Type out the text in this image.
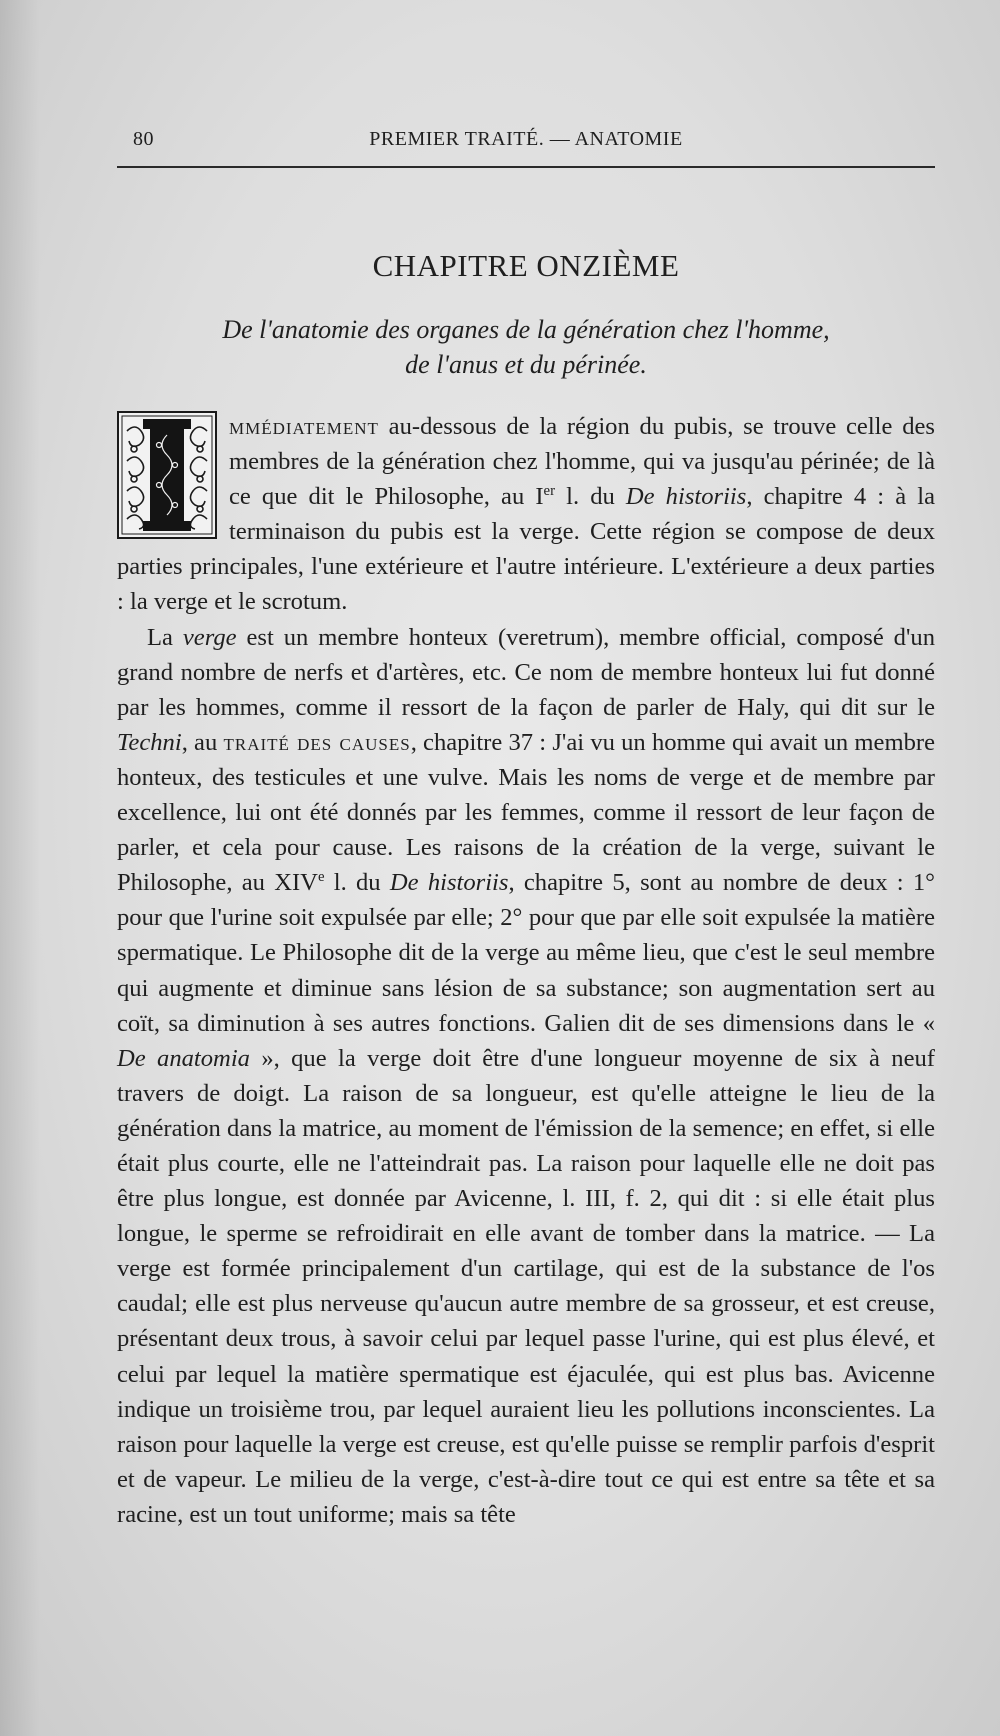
80	PREMIER TRAITÉ. — ANATOMIE
CHAPITRE ONZIÈME
De l'anatomie des organes de la génération chez l'homme,
de l'anus et du périnée.

mmédiatement au-dessous de la région du pubis, se trouve celle des membres de la génération chez l'homme, qui va jusqu'au périnée; de là ce que dit le Philosophe, au Ier l. du De historiis, chapitre 4 : à la terminaison du pubis est la verge. Cette région se compose de deux parties principales, l'une extérieure et l'autre intérieure. L'extérieure a deux parties : la verge et le scrotum.

La verge est un membre honteux (veretrum), membre official, composé d'un grand nombre de nerfs et d'artères, etc. Ce nom de membre honteux lui fut donné par les hommes, comme il ressort de la façon de parler de Haly, qui dit sur le Techni, au traité des causes, chapitre 37 : J'ai vu un homme qui avait un membre honteux, des testicules et une vulve. Mais les noms de verge et de membre par excellence, lui ont été donnés par les femmes, comme il ressort de leur façon de parler, et cela pour cause. Les raisons de la création de la verge, suivant le Philosophe, au XIVe l. du De historiis, chapitre 5, sont au nombre de deux : 1° pour que l'urine soit expulsée par elle; 2° pour que par elle soit expulsée la matière spermatique. Le Philosophe dit de la verge au même lieu, que c'est le seul membre qui augmente et diminue sans lésion de sa substance; son augmentation sert au coït, sa diminution à ses autres fonctions. Galien dit de ses dimensions dans le « De anatomia », que la verge doit être d'une longueur moyenne de six à neuf travers de doigt. La raison de sa longueur, est qu'elle atteigne le lieu de la génération dans la matrice, au moment de l'émission de la semence; en effet, si elle était plus courte, elle ne l'atteindrait pas. La raison pour laquelle elle ne doit pas être plus longue, est donnée par Avicenne, l. III, f. 2, qui dit : si elle était plus longue, le sperme se refroidirait en elle avant de tomber dans la matrice. — La verge est formée principalement d'un cartilage, qui est de la substance de l'os caudal; elle est plus nerveuse qu'aucun autre membre de sa grosseur, et est creuse, présentant deux trous, à savoir celui par lequel passe l'urine, qui est plus élevé, et celui par lequel la matière spermatique est éjaculée, qui est plus bas. Avicenne indique un troisième trou, par lequel auraient lieu les pollutions inconscientes. La raison pour laquelle la verge est creuse, est qu'elle puisse se remplir parfois d'esprit et de vapeur. Le milieu de la verge, c'est-à-dire tout ce qui est entre sa tête et sa racine, est un tout uniforme; mais sa tête
